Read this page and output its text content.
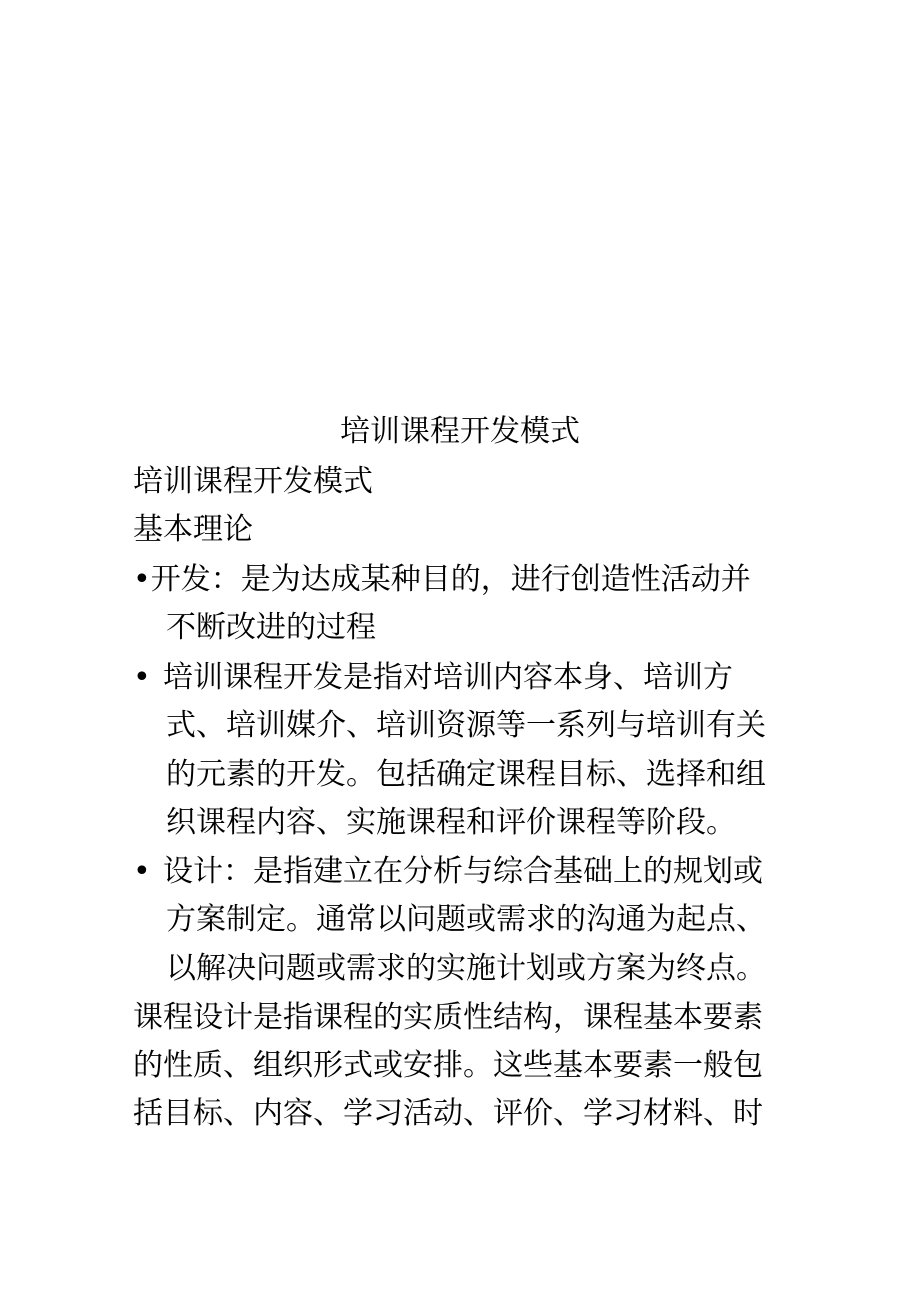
培训课程开发模式
培训课程开发模式
基本理论
•开发：是为达成某种目的，进行创造性活动并
不断改进的过程
• 培训课程开发是指对培训内容本身、培训方
式、培训媒介、培训资源等一系列与培训有关
的元素的开发。包括确定课程目标、选择和组
织课程内容、实施课程和评价课程等阶段。
• 设计：是指建立在分析与综合基础上的规划或
方案制定。通常以问题或需求的沟通为起点、
以解决问题或需求的实施计划或方案为终点。
课程设计是指课程的实质性结构，课程基本要素
的性质、组织形式或安排。这些基本要素一般包
括目标、内容、学习活动、评价、学习材料、时
